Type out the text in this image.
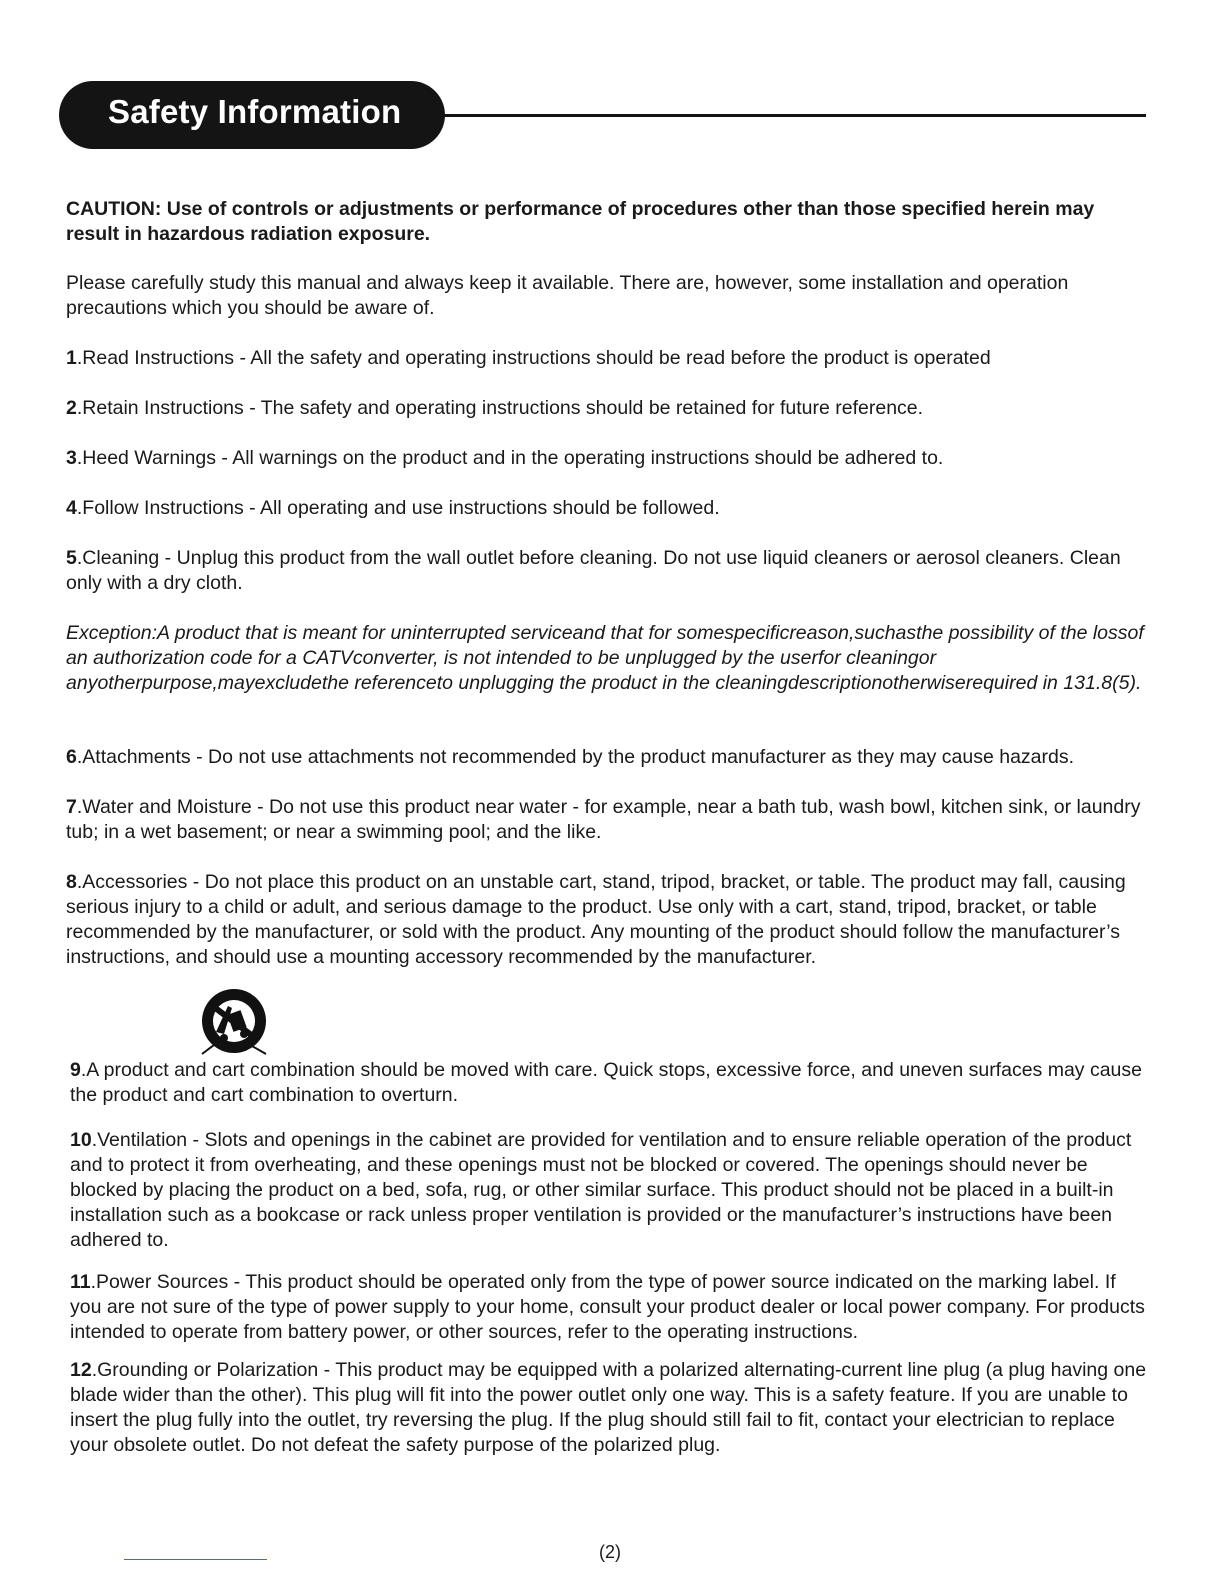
Safety Information

CAUTION: Use of controls or adjustments or performance of procedures other than those specified herein may result in hazardous radiation exposure.

Please carefully study this manual and always keep it available. There are, however, some installation and operation precautions which you should be aware of.

1.Read Instructions - All the safety and operating instructions should be read before the product is operated

2.Retain Instructions - The safety and operating instructions should be retained for future reference.

3.Heed Warnings - All warnings on the product and in the operating instructions should be adhered to.

4.Follow Instructions - All operating and use instructions should be followed.

5.Cleaning - Unplug this product from the wall outlet before cleaning. Do not use liquid cleaners or aerosol cleaners. Clean only with a dry cloth.

Exception:A product that is meant for uninterrupted serviceand that for somespecificreason,suchasthe possibility of the lossof an authorization code for a CATVconverter, is not intended to be unplugged by the userfor cleaningor anyotherpurpose,mayexcludethe referenceto unplugging the product in the cleaningdescriptionotherwiserequired in 131.8(5).

6.Attachments - Do not use attachments not recommended by the product manufacturer as they may cause hazards.

7.Water and Moisture - Do not use this product near water - for example, near a bath tub, wash bowl, kitchen sink, or laundry tub; in a wet basement; or near a swimming pool; and the like.

8.Accessories - Do not place this product on an unstable cart, stand, tripod, bracket, or table. The product may fall, causing serious injury to a child or adult, and serious damage to the product. Use only with a cart, stand, tripod, bracket, or table recommended by the manufacturer, or sold with the product. Any mounting of the product should follow the manufacturer’s instructions, and should use a mounting accessory recommended by the manufacturer.

9.A product and cart combination should be moved with care. Quick stops, excessive force, and uneven surfaces may cause the product and cart combination to overturn.

10.Ventilation - Slots and openings in the cabinet are provided for ventilation and to ensure reliable operation of the product and to protect it from overheating, and these openings must not be blocked or covered. The openings should never be blocked by placing the product on a bed, sofa, rug, or other similar surface. This product should not be placed in a built-in installation such as a bookcase or rack unless proper ventilation is provided or the manufacturer’s instructions have been adhered to.

11.Power Sources - This product should be operated only from the type of power source indicated on the marking label. If you are not sure of the type of power supply to your home, consult your product dealer or local power company. For products intended to operate from battery power, or other sources, refer to the operating instructions.

12.Grounding or Polarization - This product may be equipped with a polarized alternating-current line plug (a plug having one blade wider than the other). This plug will fit into the power outlet only one way. This is a safety feature. If you are unable to insert the plug fully into the outlet, try reversing the plug. If the plug should still fail to fit, contact your electrician to replace your obsolete outlet. Do not defeat the safety purpose of the polarized plug.

(2)
